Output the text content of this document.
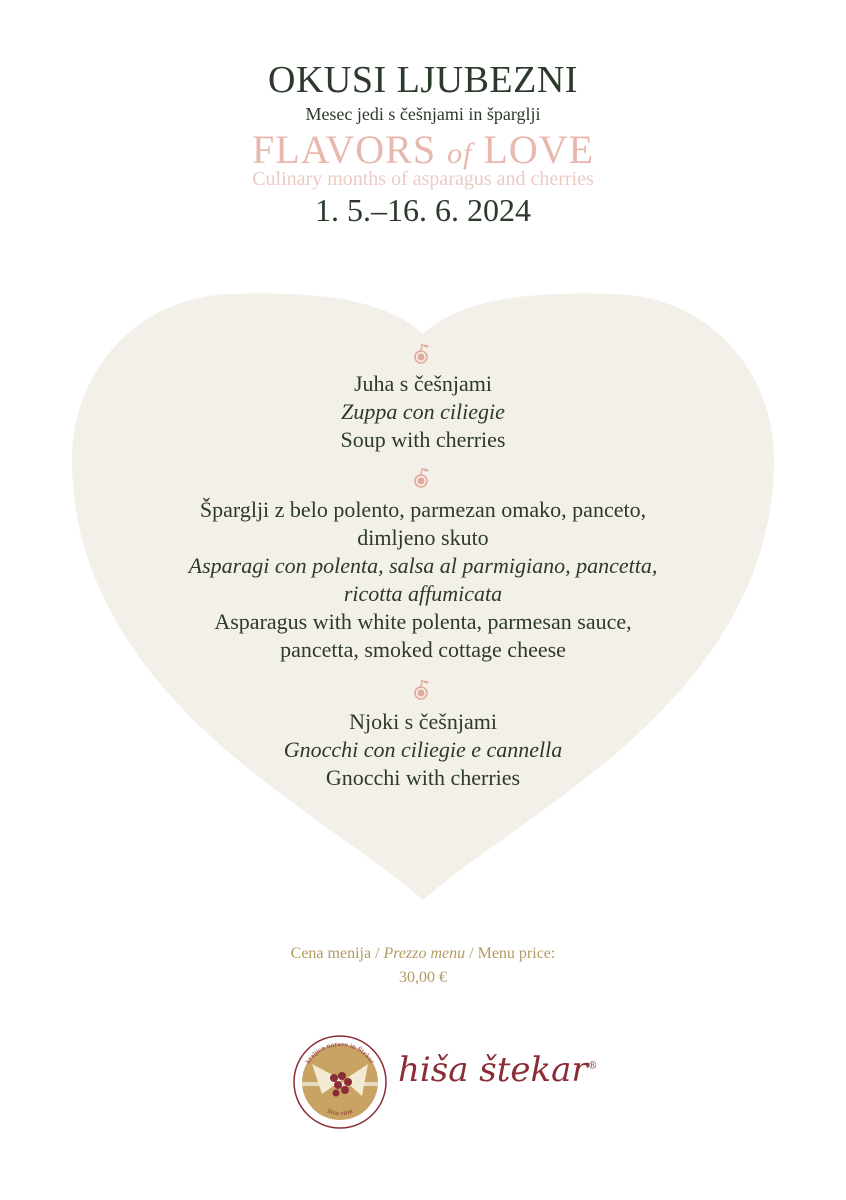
OKUSI LJUBEZNI
Mesec jedi s češnjami in šparglji
FLAVORS of LOVE
Culinary months of asparagus and cherries
1. 5.–16. 6. 2024
Juha s češnjami
Zuppa con ciliegie
Soup with cherries
Šparglji z belo polento, parmezan omako, panceto,
dimljeno skuto
Asparagi con polenta, salsa al parmigiano, pancetta,
ricotta affumicata
Asparagus with white polenta, parmesan sauce,
pancetta, smoked cottage cheese
Njoki s češnjami
Gnocchi con ciliegie e cannella
Gnocchi with cherries
Cena menija / Prezzo menu / Menu price:
30,00 €
kraljica narave in Štekar
živa vina
hiša štekar®
